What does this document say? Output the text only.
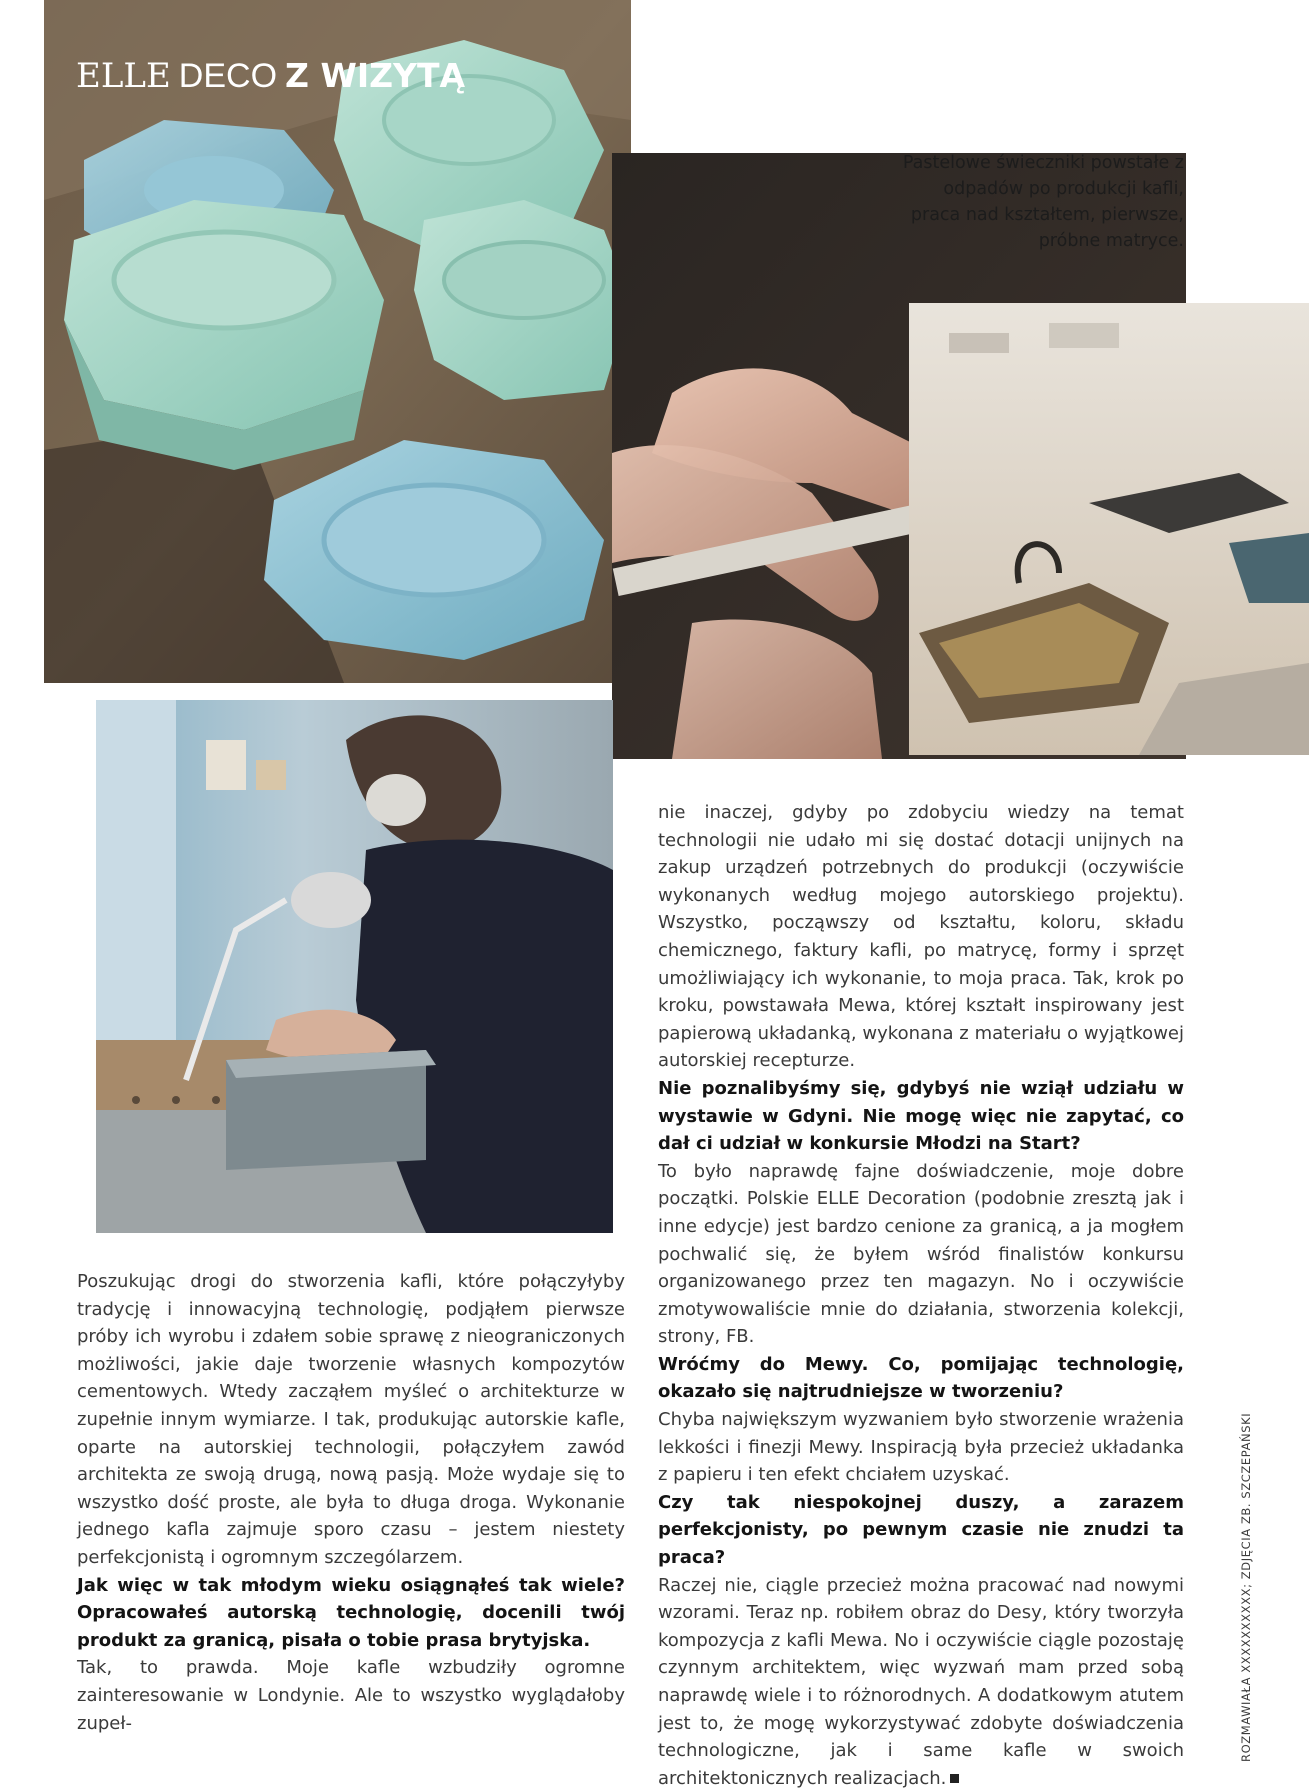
ELLE DECO Z WIZYTĄ
Pastelowe świeczniki powstałe z odpadów po produkcji kafli, praca nad kształtem, pierwsze, próbne matryce.

Poszukując drogi do stworzenia kafli, które połączyłyby tradycję i innowacyjną technologię, podjąłem pierwsze próby ich wyrobu i zdałem sobie sprawę z nieograniczonych możliwości, jakie daje tworzenie własnych kompozytów cementowych. Wtedy zacząłem myśleć o architekturze w zupełnie innym wymiarze. I tak, produkując autorskie kafle, oparte na autorskiej technologii, połączyłem zawód architekta ze swoją drugą, nową pasją. Może wydaje się to wszystko dość proste, ale była to długa droga. Wykonanie jednego kafla zajmuje sporo czasu – jestem niestety perfekcjonistą i ogromnym szczególarzem.

Jak więc w tak młodym wieku osiągnąłeś tak wiele? Opracowałeś autorską technologię, docenili twój produkt za granicą, pisała o tobie prasa brytyjska.

Tak, to prawda. Moje kafle wzbudziły ogromne zainteresowanie w Londynie. Ale to wszystko wyglądałoby zupeł-

nie inaczej, gdyby po zdobyciu wiedzy na temat technologii nie udało mi się dostać dotacji unijnych na zakup urządzeń potrzebnych do produkcji (oczywiście wykonanych według mojego autorskiego projektu). Wszystko, począwszy od kształtu, koloru, składu chemicznego, faktury kafli, po matrycę, formy i sprzęt umożliwiający ich wykonanie, to moja praca. Tak, krok po kroku, powstawała Mewa, której kształt inspirowany jest papierową układanką, wykonana z materiału o wyjątkowej autorskiej recepturze.

Nie poznalibyśmy się, gdybyś nie wziął udziału w wystawie w Gdyni. Nie mogę więc nie zapytać, co dał ci udział w konkursie Młodzi na Start?

To było naprawdę fajne doświadczenie, moje dobre początki. Polskie ELLE Decoration (podobnie zresztą jak i inne edycje) jest bardzo cenione za granicą, a ja mogłem pochwalić się, że byłem wśród finalistów konkursu organizowanego przez ten magazyn. No i oczywiście zmotywowaliście mnie do działania, stworzenia kolekcji, strony, FB.

Wróćmy do Mewy. Co, pomijając technologię, okazało się najtrudniejsze w tworzeniu?

Chyba największym wyzwaniem było stworzenie wrażenia lekkości i finezji Mewy. Inspiracją była przecież układanka z papieru i ten efekt chciałem uzyskać.

Czy tak niespokojnej duszy, a zarazem perfekcjonisty, po pewnym czasie nie znudzi ta praca?

Raczej nie, ciągle przecież można pracować nad nowymi wzorami. Teraz np. robiłem obraz do Desy, który tworzyła kompozycja z kafli Mewa. No i oczywiście ciągle pozostaję czynnym architektem, więc wyzwań mam przed sobą naprawdę wiele i to różnorodnych. A dodatkowym atutem jest to, że mogę wykorzystywać zdobyte doświadczenia technologiczne, jak i same kafle w swoich architektonicznych realizacjach.

ROZMAWIAŁA XXXXXXXXXX; ZDJĘCIA ZB. SZCZEPAŃSKI
